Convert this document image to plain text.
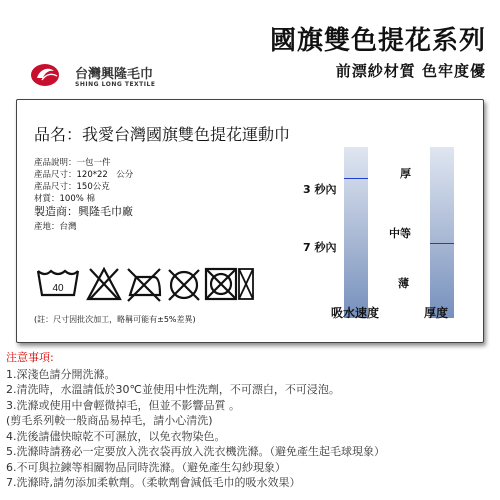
國旗雙色提花系列
前漂紗材質 色牢度優
台灣興隆毛巾
SHING LONG TEXTILE
品名：我愛台灣國旗雙色提花運動巾
產品說明：一包一件
產品尺寸：120*22　公分
產品尺寸：150公克
材質：100% 棉
製造商：興隆毛巾廠
產地：台灣
40
(註：尺寸因批次加工，略稱可能有±5%差異)
3 秒內
7 秒內
吸水速度
厚
中等
薄
厚度
注意事項:
1.深淺色請分開洗滌。
2.清洗時，水溫請低於30℃並使用中性洗劑，不可漂白，不可浸泡。
3.洗滌或使用中會輕微掉毛，但並不影響品質 。
(剪毛系列較一般商品易掉毛，請小心清洗)
4.洗後請儘快晾乾不可濕放，以免衣物染色。
5.洗滌時請務必一定要放入洗衣袋再放入洗衣機洗滌。（避免產生起毛球現象）
6.不可與拉鍊等相關物品同時洗滌。（避免產生勾紗現象）
7.洗滌時,請勿添加柔軟劑。（柔軟劑會減低毛巾的吸水效果）
